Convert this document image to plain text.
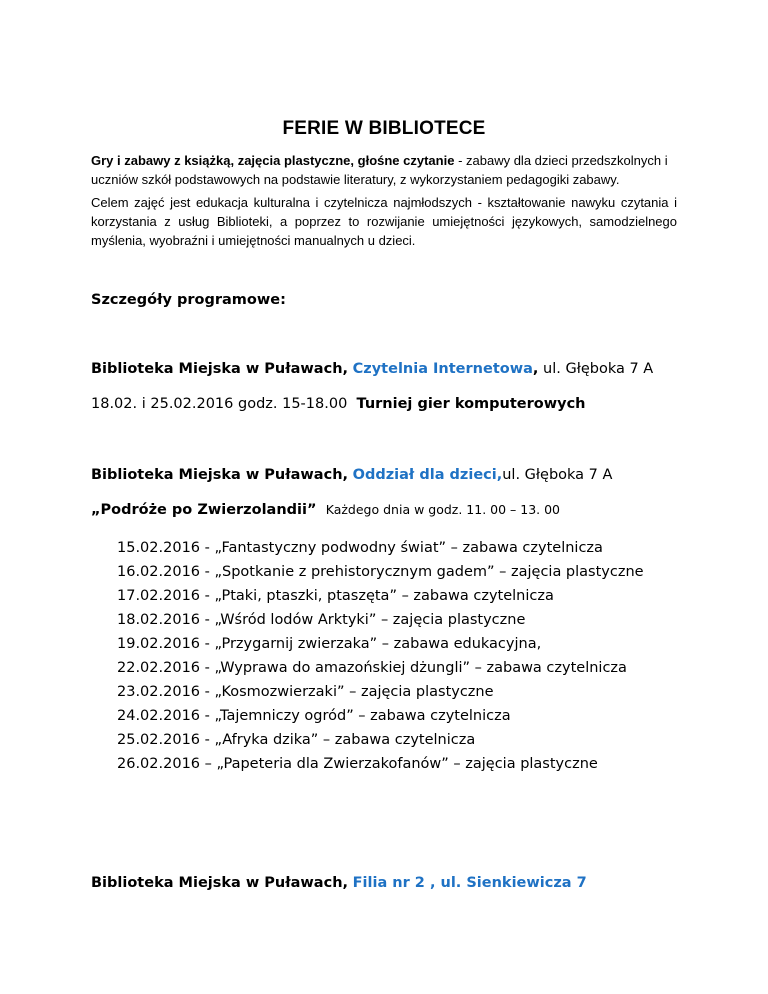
FERIE W BIBLIOTECE

Gry i zabawy z książką, zajęcia plastyczne, głośne czytanie - zabawy dla dzieci przedszkolnych i uczniów szkół podstawowych na podstawie literatury, z wykorzystaniem pedagogiki zabawy.

Celem zajęć jest edukacja kulturalna i czytelnicza najmłodszych - kształtowanie nawyku czytania i korzystania z usług Biblioteki, a poprzez to rozwijanie umiejętności językowych, samodzielnego myślenia, wyobraźni i umiejętności manualnych u dzieci.

Szczegóły programowe:
Biblioteka Miejska w Puławach, Czytelnia Internetowa, ul. Głęboka 7 A
18.02. i 25.02.2016 godz. 15-18.00 Turniej gier komputerowych
Biblioteka Miejska w Puławach, Oddział dla dzieci,ul. Głęboka 7 A
„Podróże po Zwierzolandii” Każdego dnia w godz. 11. 00 – 13. 00
15.02.2016 - „Fantastyczny podwodny świat” – zabawa czytelnicza
16.02.2016 - „Spotkanie z prehistorycznym gadem” – zajęcia plastyczne
17.02.2016 - „Ptaki, ptaszki, ptaszęta” – zabawa czytelnicza
18.02.2016 - „Wśród lodów Arktyki” – zajęcia plastyczne
19.02.2016 - „Przygarnij zwierzaka” – zabawa edukacyjna,
22.02.2016 - „Wyprawa do amazońskiej dżungli” – zabawa czytelnicza
23.02.2016 - „Kosmozwierzaki” – zajęcia plastyczne
24.02.2016 - „Tajemniczy ogród” – zabawa czytelnicza
25.02.2016 - „Afryka dzika” – zabawa czytelnicza
26.02.2016 – „Papeteria dla Zwierzakofanów” – zajęcia plastyczne
Biblioteka Miejska w Puławach, Filia nr 2 , ul. Sienkiewicza 7
